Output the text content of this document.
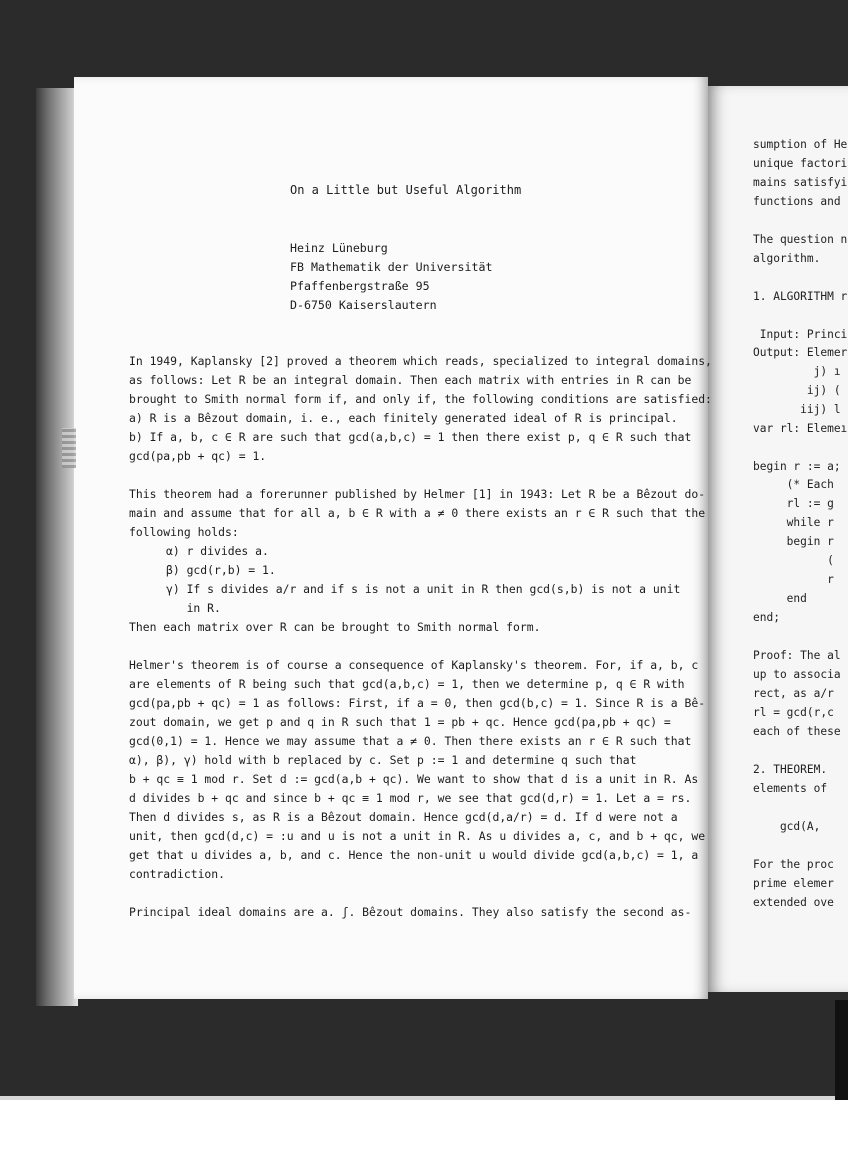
On a Little but Useful Algorithm
Heinz Lüneburg
FB Mathematik der Universität
Pfaffenbergstraße 95
D-6750 Kaiserslautern
In 1949, Kaplansky [2] proved a theorem which reads, specialized to integral domains,
as follows: Let R be an integral domain. Then each matrix with entries in R can be
brought to Smith normal form if, and only if, the following conditions are satisfied:
a) R is a Bêzout domain, i. e., each finitely generated ideal of R is principal.
b) If a, b, c ∈ R are such that gcd(a,b,c) = 1 then there exist p, q ∈ R such that
gcd(pa,pb + qc) = 1.
This theorem had a forerunner published by Helmer [1] in 1943: Let R be a Bêzout do-
main and assume that for all a, b ∈ R with a ≠ 0 there exists an r ∈ R such that the
following holds:
α) r divides a.
β) gcd(r,b) = 1.
γ) If s divides a/r and if s is not a unit in R then gcd(s,b) is not a unit
in R.
Then each matrix over R can be brought to Smith normal form.
Helmer's theorem is of course a consequence of Kaplansky's theorem. For, if a, b, c
are elements of R being such that gcd(a,b,c) = 1, then we determine p, q ∈ R with
gcd(pa,pb + qc) = 1 as follows: First, if a = 0, then gcd(b,c) = 1. Since R is a Bê-
zout domain, we get p and q in R such that 1 = pb + qc. Hence gcd(pa,pb + qc) =
gcd(0,1) = 1. Hence we may assume that a ≠ 0. Then there exists an r ∈ R such that
α), β), γ) hold with b replaced by c. Set p := 1 and determine q such that
b + qc ≡ 1 mod r. Set d := gcd(a,b + qc). We want to show that d is a unit in R. As
d divides b + qc and since b + qc ≡ 1 mod r, we see that gcd(d,r) = 1. Let a = rs.
Then d divides s, as R is a Bêzout domain. Hence gcd(d,a/r) = d. If d were not a
unit, then gcd(d,c) = :u and u is not a unit in R. As u divides a, c, and b + qc, we
get that u divides a, b, and c. Hence the non-unit u would divide gcd(a,b,c) = 1, a
contradiction.
Principal ideal domains are a. ʃ. Bêzout domains. They also satisfy the second as-
sumption of He
unique factori
mains satisfyi
functions and
The question n
algorithm.
1. ALGORITHM r
Input: Princi
Output: Elemer
j) ı
ij) (
iij) l
var rl: Elemeı
begin r := a;
(* Each
rl := g
while r
begin r
(
r
end
end;
Proof: The al
up to associa
rect, as a/r
rl = gcd(r,c
each of these
2. THEOREM.
elements of
gcd(A,
For the proc
prime elemer
extended ove
